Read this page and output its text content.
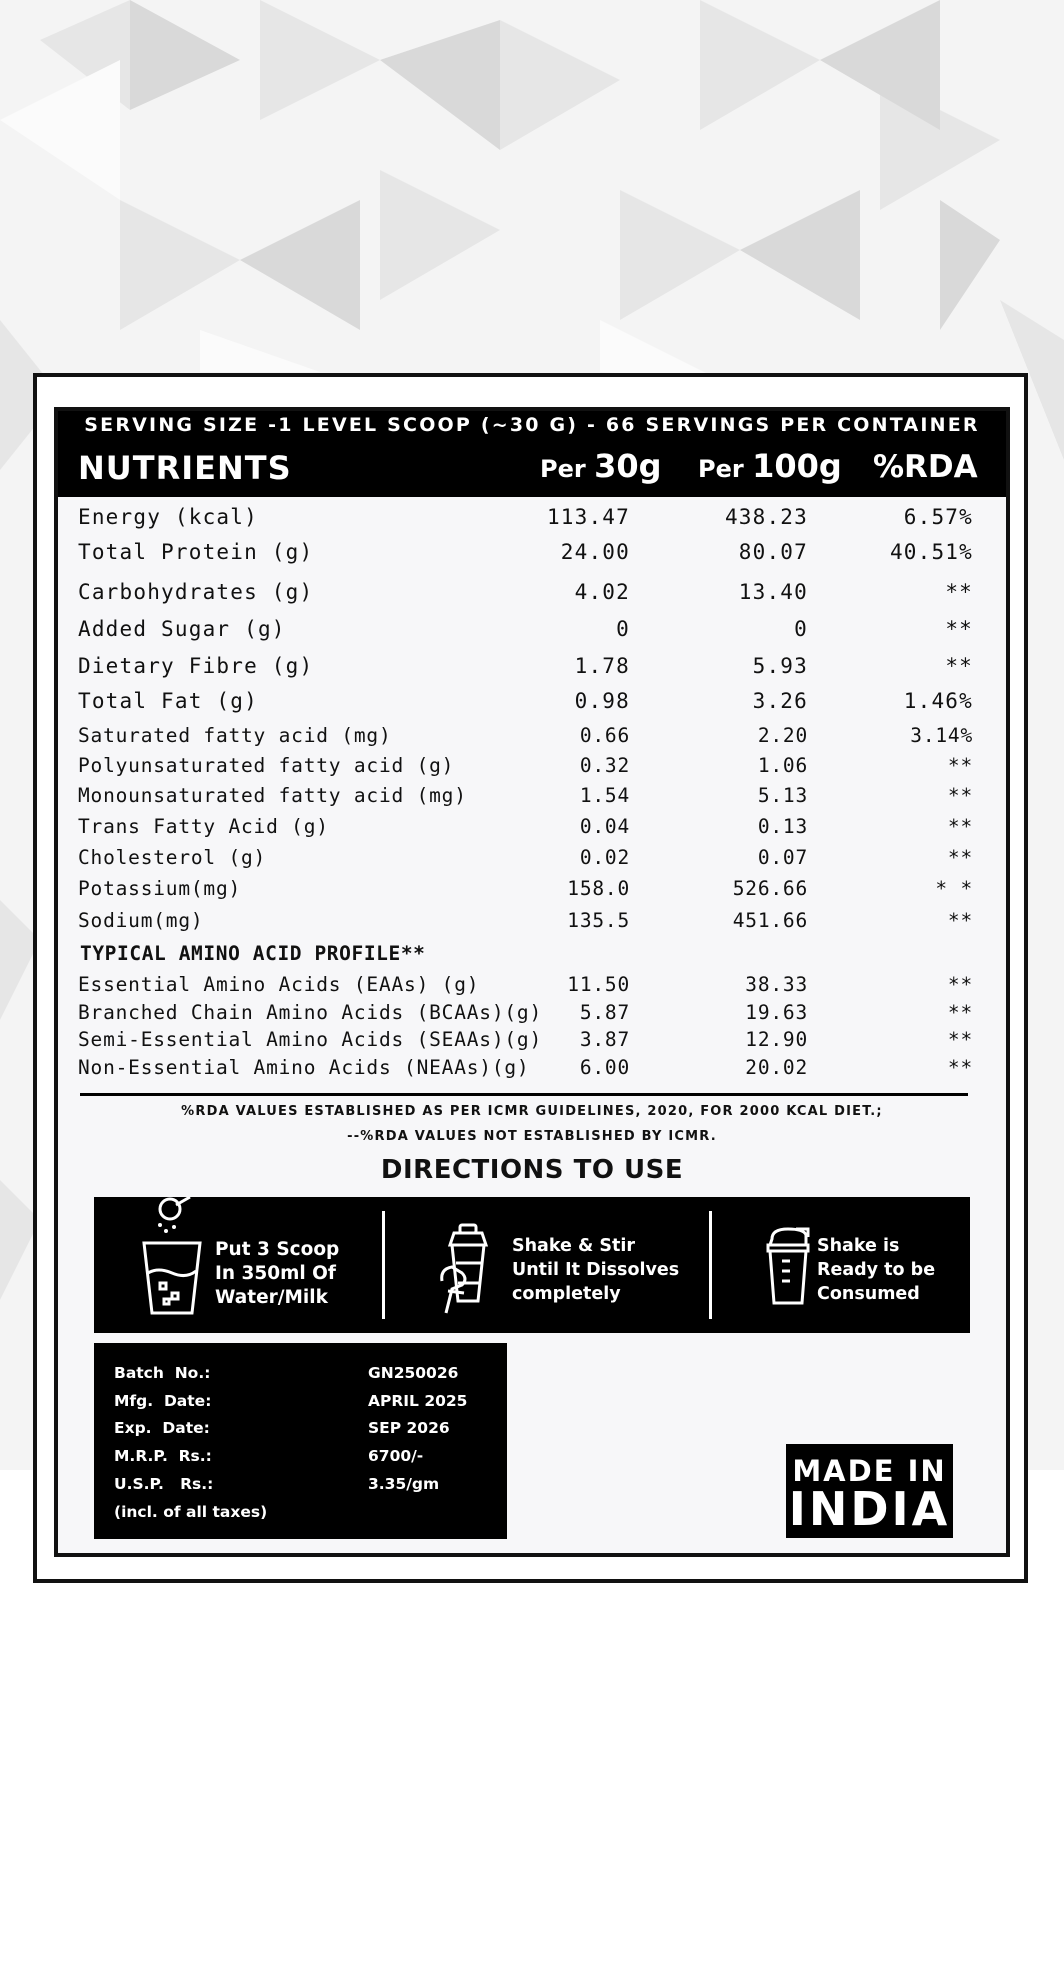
SERVING SIZE -1 LEVEL SCOOP (~30 G) - 66 SERVINGS PER CONTAINER
NUTRIENTS	Per 30g Per 100g %RDA
Energy (kcal)	113.47	438.23	6.57%
Total Protein (g)	24.00	80.07	40.51%
Carbohydrates (g)	4.02	13.40	**
Added Sugar (g)	0	0	**
Dietary Fibre (g)	1.78	5.93	**
Total Fat (g)	0.98	3.26	1.46%
Saturated fatty acid (mg)	0.66	2.20	3.14%
Polyunsaturated fatty acid (g)	0.32	1.06	**
Monounsaturated fatty acid (mg)	1.54	5.13	**
Trans Fatty Acid (g)	0.04	0.13	**
Cholesterol (g)	0.02	0.07	**
Potassium(mg)	158.0	526.66	* *
Sodium(mg)	135.5	451.66	**
TYPICAL AMINO ACID PROFILE**
Essential Amino Acids (EAAs) (g)	11.50	38.33	**
Branched Chain Amino Acids (BCAAs)(g) 5.87	19.63	**
Semi-Essential Amino Acids (SEAAs)(g) 3.87	12.90	**
Non-Essential Amino Acids (NEAAs)(g)	6.00	20.02	**
%RDA VALUES ESTABLISHED AS PER ICMR GUIDELINES, 2020, FOR 2000 KCAL DIET.;
--%RDA VALUES NOT ESTABLISHED BY ICMR.
DIRECTIONS TO USE
Put 3 Scoop
In 350ml Of
Water/Milk
Shake & Stir
Until It Dissolves
completely
Shake is
Ready to be
Consumed
Batch  No.:	GN250026
Mfg.  Date:	APRIL 2025
Exp.  Date:	SEP 2026
M.R.P.  Rs.:	6700/-
U.S.P.   Rs.:	3.35/gm
(incl. of all taxes)
MADE IN
INDIA
